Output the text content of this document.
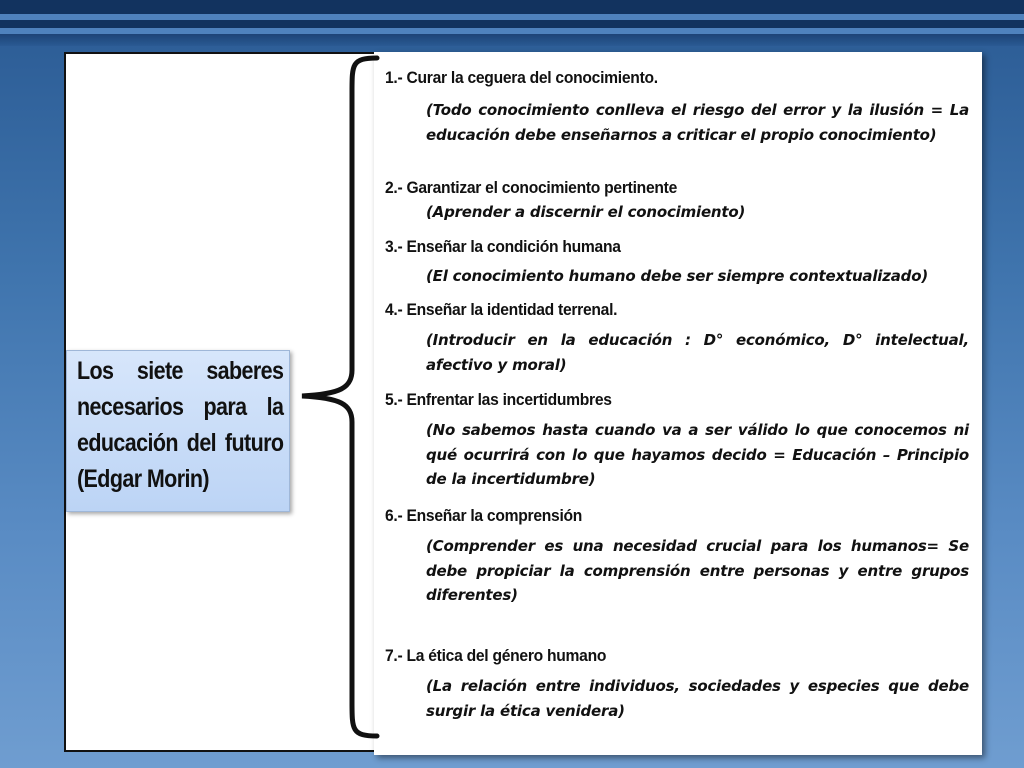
Los siete saberes necesarios para la educación del futuro (Edgar Morin)
1.- Curar la ceguera del conocimiento.
(Todo conocimiento conlleva el riesgo del error y la ilusión = La educación debe enseñarnos a criticar el propio conocimiento)
2.- Garantizar el conocimiento pertinente
(Aprender a discernir el conocimiento)
3.- Enseñar la condición humana
(El conocimiento humano debe ser siempre contextualizado)
4.- Enseñar la identidad terrenal.
(Introducir en la educación : D° económico, D° intelectual, afectivo y moral)
5.- Enfrentar las incertidumbres
(No sabemos hasta cuando va a ser válido lo que conocemos ni qué ocurrirá con lo que hayamos decido = Educación – Principio de la incertidumbre)
6.- Enseñar la comprensión
(Comprender es una necesidad crucial para los humanos= Se debe propiciar la comprensión entre personas y entre grupos diferentes)
7.- La ética del género humano
(La relación entre individuos, sociedades y especies que debe surgir la ética venidera)
